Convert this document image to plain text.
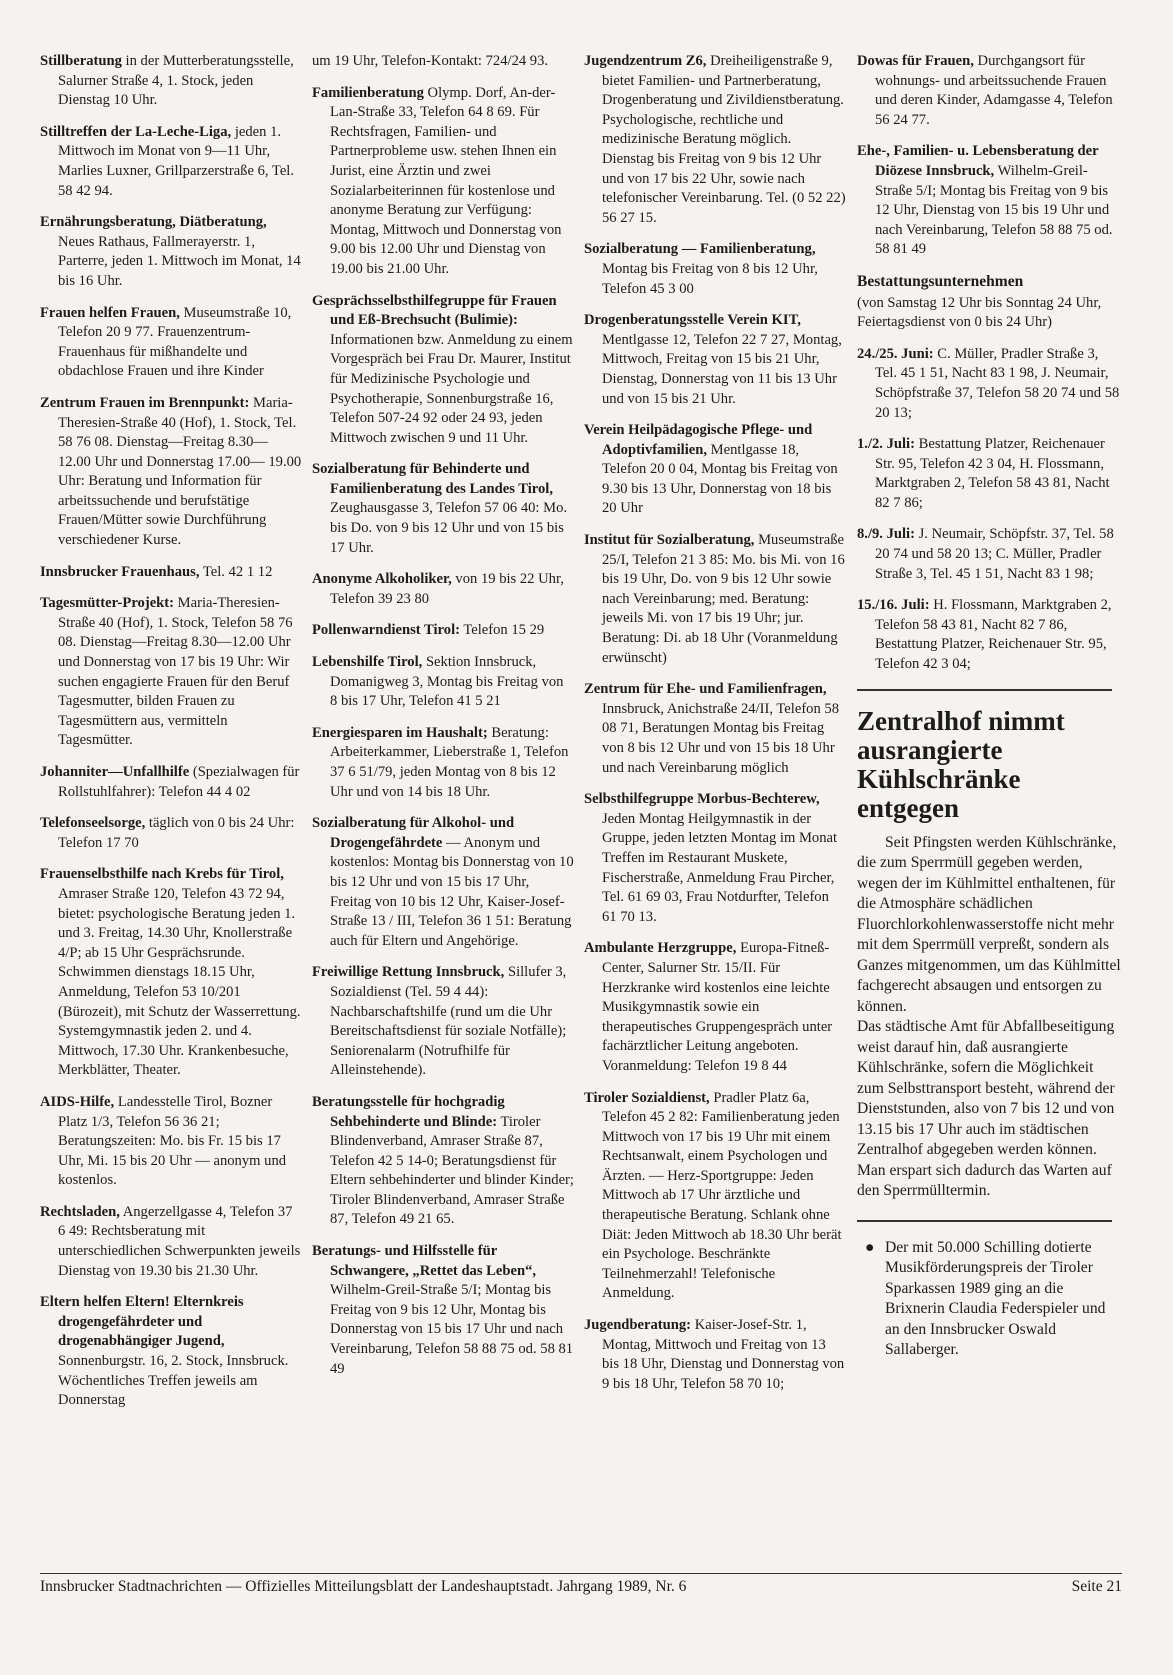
Stillberatung in der Mutterberatungsstelle, Salurner Straße 4, 1. Stock, jeden Dienstag 10 Uhr.

Stilltreffen der La-Leche-Liga, jeden 1. Mittwoch im Monat von 9—11 Uhr, Marlies Luxner, Grillparzerstraße 6, Tel. 58 42 94.

Ernährungsberatung, Diätberatung, Neues Rathaus, Fallmerayerstr. 1, Parterre, jeden 1. Mittwoch im Monat, 14 bis 16 Uhr.

Frauen helfen Frauen, Museumstraße 10, Telefon 20 9 77. Frauenzentrum-Frauenhaus für mißhandelte und obdachlose Frauen und ihre Kinder

Zentrum Frauen im Brennpunkt: Maria-Theresien-Straße 40 (Hof), 1. Stock, Tel. 58 76 08. Dienstag—Freitag 8.30— 12.00 Uhr und Donnerstag 17.00— 19.00 Uhr: Beratung und Information für arbeitssuchende und berufstätige Frauen/Mütter sowie Durchführung verschiedener Kurse.

Innsbrucker Frauenhaus, Tel. 42 1 12

Tagesmütter-Projekt: Maria-Theresien-Straße 40 (Hof), 1. Stock, Telefon 58 76 08. Dienstag—Freitag 8.30—12.00 Uhr und Donnerstag von 17 bis 19 Uhr: Wir suchen engagierte Frauen für den Beruf Tagesmutter, bilden Frauen zu Tagesmüttern aus, vermitteln Tagesmütter.

Johanniter—Unfallhilfe (Spezialwagen für Rollstuhlfahrer): Telefon 44 4 02

Telefonseelsorge, täglich von 0 bis 24 Uhr: Telefon 17 70

Frauenselbsthilfe nach Krebs für Tirol, Amraser Straße 120, Telefon 43 72 94, bietet: psychologische Beratung jeden 1. und 3. Freitag, 14.30 Uhr, Knollerstraße 4/P; ab 15 Uhr Gesprächsrunde. Schwimmen dienstags 18.15 Uhr, Anmeldung, Telefon 53 10/201 (Bürozeit), mit Schutz der Wasserrettung. Systemgymnastik jeden 2. und 4. Mittwoch, 17.30 Uhr. Krankenbesuche, Merkblätter, Theater.

AIDS-Hilfe, Landesstelle Tirol, Bozner Platz 1/3, Telefon 56 36 21; Beratungszeiten: Mo. bis Fr. 15 bis 17 Uhr, Mi. 15 bis 20 Uhr — anonym und kostenlos.

Rechtsladen, Angerzellgasse 4, Telefon 37 6 49: Rechtsberatung mit unterschiedlichen Schwerpunkten jeweils Dienstag von 19.30 bis 21.30 Uhr.

Eltern helfen Eltern! Elternkreis drogengefährdeter und drogenabhängiger Jugend, Sonnenburgstr. 16, 2. Stock, Innsbruck. Wöchentliches Treffen jeweils am Donnerstag

um 19 Uhr, Telefon-Kontakt: 724/24 93.

Familienberatung Olymp. Dorf, An-der-Lan-Straße 33, Telefon 64 8 69. Für Rechtsfragen, Familien- und Partnerprobleme usw. stehen Ihnen ein Jurist, eine Ärztin und zwei Sozialarbeiterinnen für kostenlose und anonyme Beratung zur Verfügung: Montag, Mittwoch und Donnerstag von 9.00 bis 12.00 Uhr und Dienstag von 19.00 bis 21.00 Uhr.

Gesprächsselbsthilfegruppe für Frauen und Eß-Brechsucht (Bulimie): Informationen bzw. Anmeldung zu einem Vorgespräch bei Frau Dr. Maurer, Institut für Medizinische Psychologie und Psychotherapie, Sonnenburgstraße 16, Telefon 507-24 92 oder 24 93, jeden Mittwoch zwischen 9 und 11 Uhr.

Sozialberatung für Behinderte und Familienberatung des Landes Tirol, Zeughausgasse 3, Telefon 57 06 40: Mo. bis Do. von 9 bis 12 Uhr und von 15 bis 17 Uhr.

Anonyme Alkoholiker, von 19 bis 22 Uhr, Telefon 39 23 80

Pollenwarndienst Tirol: Telefon 15 29

Lebenshilfe Tirol, Sektion Innsbruck, Domanigweg 3, Montag bis Freitag von 8 bis 17 Uhr, Telefon 41 5 21

Energiesparen im Haushalt; Beratung: Arbeiterkammer, Lieberstraße 1, Telefon 37 6 51/79, jeden Montag von 8 bis 12 Uhr und von 14 bis 18 Uhr.

Sozialberatung für Alkohol- und Drogengefährdete — Anonym und kostenlos: Montag bis Donnerstag von 10 bis 12 Uhr und von 15 bis 17 Uhr, Freitag von 10 bis 12 Uhr, Kaiser-Josef-Straße 13 / III, Telefon 36 1 51: Beratung auch für Eltern und Angehörige.

Freiwillige Rettung Innsbruck, Sillufer 3, Sozialdienst (Tel. 59 4 44): Nachbarschaftshilfe (rund um die Uhr Bereitschaftsdienst für soziale Notfälle); Seniorenalarm (Notrufhilfe für Alleinstehende).

Beratungsstelle für hochgradig Sehbehinderte und Blinde: Tiroler Blindenverband, Amraser Straße 87, Telefon 42 5 14-0; Beratungsdienst für Eltern sehbehinderter und blinder Kinder; Tiroler Blindenverband, Amraser Straße 87, Telefon 49 21 65.

Beratungs- und Hilfsstelle für Schwangere, „Rettet das Leben“, Wilhelm-Greil-Straße 5/I; Montag bis Freitag von 9 bis 12 Uhr, Montag bis Donnerstag von 15 bis 17 Uhr und nach Vereinbarung, Telefon 58 88 75 od. 58 81 49

Jugendzentrum Z6, Dreiheiligenstraße 9, bietet Familien- und Partnerberatung, Drogenberatung und Zivildienstberatung. Psychologische, rechtliche und medizinische Beratung möglich. Dienstag bis Freitag von 9 bis 12 Uhr und von 17 bis 22 Uhr, sowie nach telefonischer Vereinbarung. Tel. (0 52 22) 56 27 15.

Sozialberatung — Familienberatung, Montag bis Freitag von 8 bis 12 Uhr, Telefon 45 3 00

Drogenberatungsstelle Verein KIT, Mentlgasse 12, Telefon 22 7 27, Montag, Mittwoch, Freitag von 15 bis 21 Uhr, Dienstag, Donnerstag von 11 bis 13 Uhr und von 15 bis 21 Uhr.

Verein Heilpädagogische Pflege- und Adoptivfamilien, Mentlgasse 18, Telefon 20 0 04, Montag bis Freitag von 9.30 bis 13 Uhr, Donnerstag von 18 bis 20 Uhr

Institut für Sozialberatung, Museumstraße 25/I, Telefon 21 3 85: Mo. bis Mi. von 16 bis 19 Uhr, Do. von 9 bis 12 Uhr sowie nach Vereinbarung; med. Beratung: jeweils Mi. von 17 bis 19 Uhr; jur. Beratung: Di. ab 18 Uhr (Voranmeldung erwünscht)

Zentrum für Ehe- und Familienfragen, Innsbruck, Anichstraße 24/II, Telefon 58 08 71, Beratungen Montag bis Freitag von 8 bis 12 Uhr und von 15 bis 18 Uhr und nach Vereinbarung möglich

Selbsthilfegruppe Morbus-Bechterew, Jeden Montag Heilgymnastik in der Gruppe, jeden letzten Montag im Monat Treffen im Restaurant Muskete, Fischerstraße, Anmeldung Frau Pircher, Tel. 61 69 03, Frau Notdurfter, Telefon 61 70 13.

Ambulante Herzgruppe, Europa-Fitneß-Center, Salurner Str. 15/II. Für Herzkranke wird kostenlos eine leichte Musikgymnastik sowie ein therapeutisches Gruppengespräch unter fachärztlicher Leitung angeboten. Voranmeldung: Telefon 19 8 44

Tiroler Sozialdienst, Pradler Platz 6a, Telefon 45 2 82: Familienberatung jeden Mittwoch von 17 bis 19 Uhr mit einem Rechtsanwalt, einem Psychologen und Ärzten. — Herz-Sportgruppe: Jeden Mittwoch ab 17 Uhr ärztliche und therapeutische Beratung. Schlank ohne Diät: Jeden Mittwoch ab 18.30 Uhr berät ein Psychologe. Beschränkte Teilnehmerzahl! Telefonische Anmeldung.

Jugendberatung: Kaiser-Josef-Str. 1, Montag, Mittwoch und Freitag von 13 bis 18 Uhr, Dienstag und Donnerstag von 9 bis 18 Uhr, Telefon 58 70 10;

Dowas für Frauen, Durchgangsort für wohnungs- und arbeitssuchende Frauen und deren Kinder, Adamgasse 4, Telefon 56 24 77.

Ehe-, Familien- u. Lebensberatung der Diözese Innsbruck, Wilhelm-Greil-Straße 5/I; Montag bis Freitag von 9 bis 12 Uhr, Dienstag von 15 bis 19 Uhr und nach Vereinbarung, Telefon 58 88 75 od. 58 81 49

Bestattungsunternehmen

(von Samstag 12 Uhr bis Sonntag 24 Uhr, Feiertagsdienst von 0 bis 24 Uhr)

24./25. Juni: C. Müller, Pradler Straße 3, Tel. 45 1 51, Nacht 83 1 98, J. Neumair, Schöpfstraße 37, Telefon 58 20 74 und 58 20 13;

1./2. Juli: Bestattung Platzer, Reichenauer Str. 95, Telefon 42 3 04, H. Flossmann, Marktgraben 2, Telefon 58 43 81, Nacht 82 7 86;

8./9. Juli: J. Neumair, Schöpfstr. 37, Tel. 58 20 74 und 58 20 13; C. Müller, Pradler Straße 3, Tel. 45 1 51, Nacht 83 1 98;

15./16. Juli: H. Flossmann, Marktgraben 2, Telefon 58 43 81, Nacht 82 7 86, Bestattung Platzer, Reichenauer Str. 95, Telefon 42 3 04;

Zentralhof nimmt ausrangierte Kühlschränke entgegen

Seit Pfingsten werden Kühlschränke, die zum Sperrmüll gegeben werden, wegen der im Kühlmittel enthaltenen, für die Atmosphäre schädlichen Fluorchlorkohlenwasserstoffe nicht mehr mit dem Sperrmüll verpreßt, sondern als Ganzes mitgenommen, um das Kühlmittel fachgerecht absaugen und entsorgen zu können.

Das städtische Amt für Abfallbeseitigung weist darauf hin, daß ausrangierte Kühlschränke, sofern die Möglichkeit zum Selbsttransport besteht, während der Dienststunden, also von 7 bis 12 und von 13.15 bis 17 Uhr auch im städtischen Zentralhof abgegeben werden können. Man erspart sich dadurch das Warten auf den Sperrmülltermin.

● Der mit 50.000 Schilling dotierte Musikförderungspreis der Tiroler Sparkassen 1989 ging an die Brixnerin Claudia Federspieler und an den Innsbrucker Oswald Sallaberger.

Innsbrucker Stadtnachrichten — Offizielles Mitteilungsblatt der Landeshauptstadt. Jahrgang 1989, Nr. 6	Seite 21
